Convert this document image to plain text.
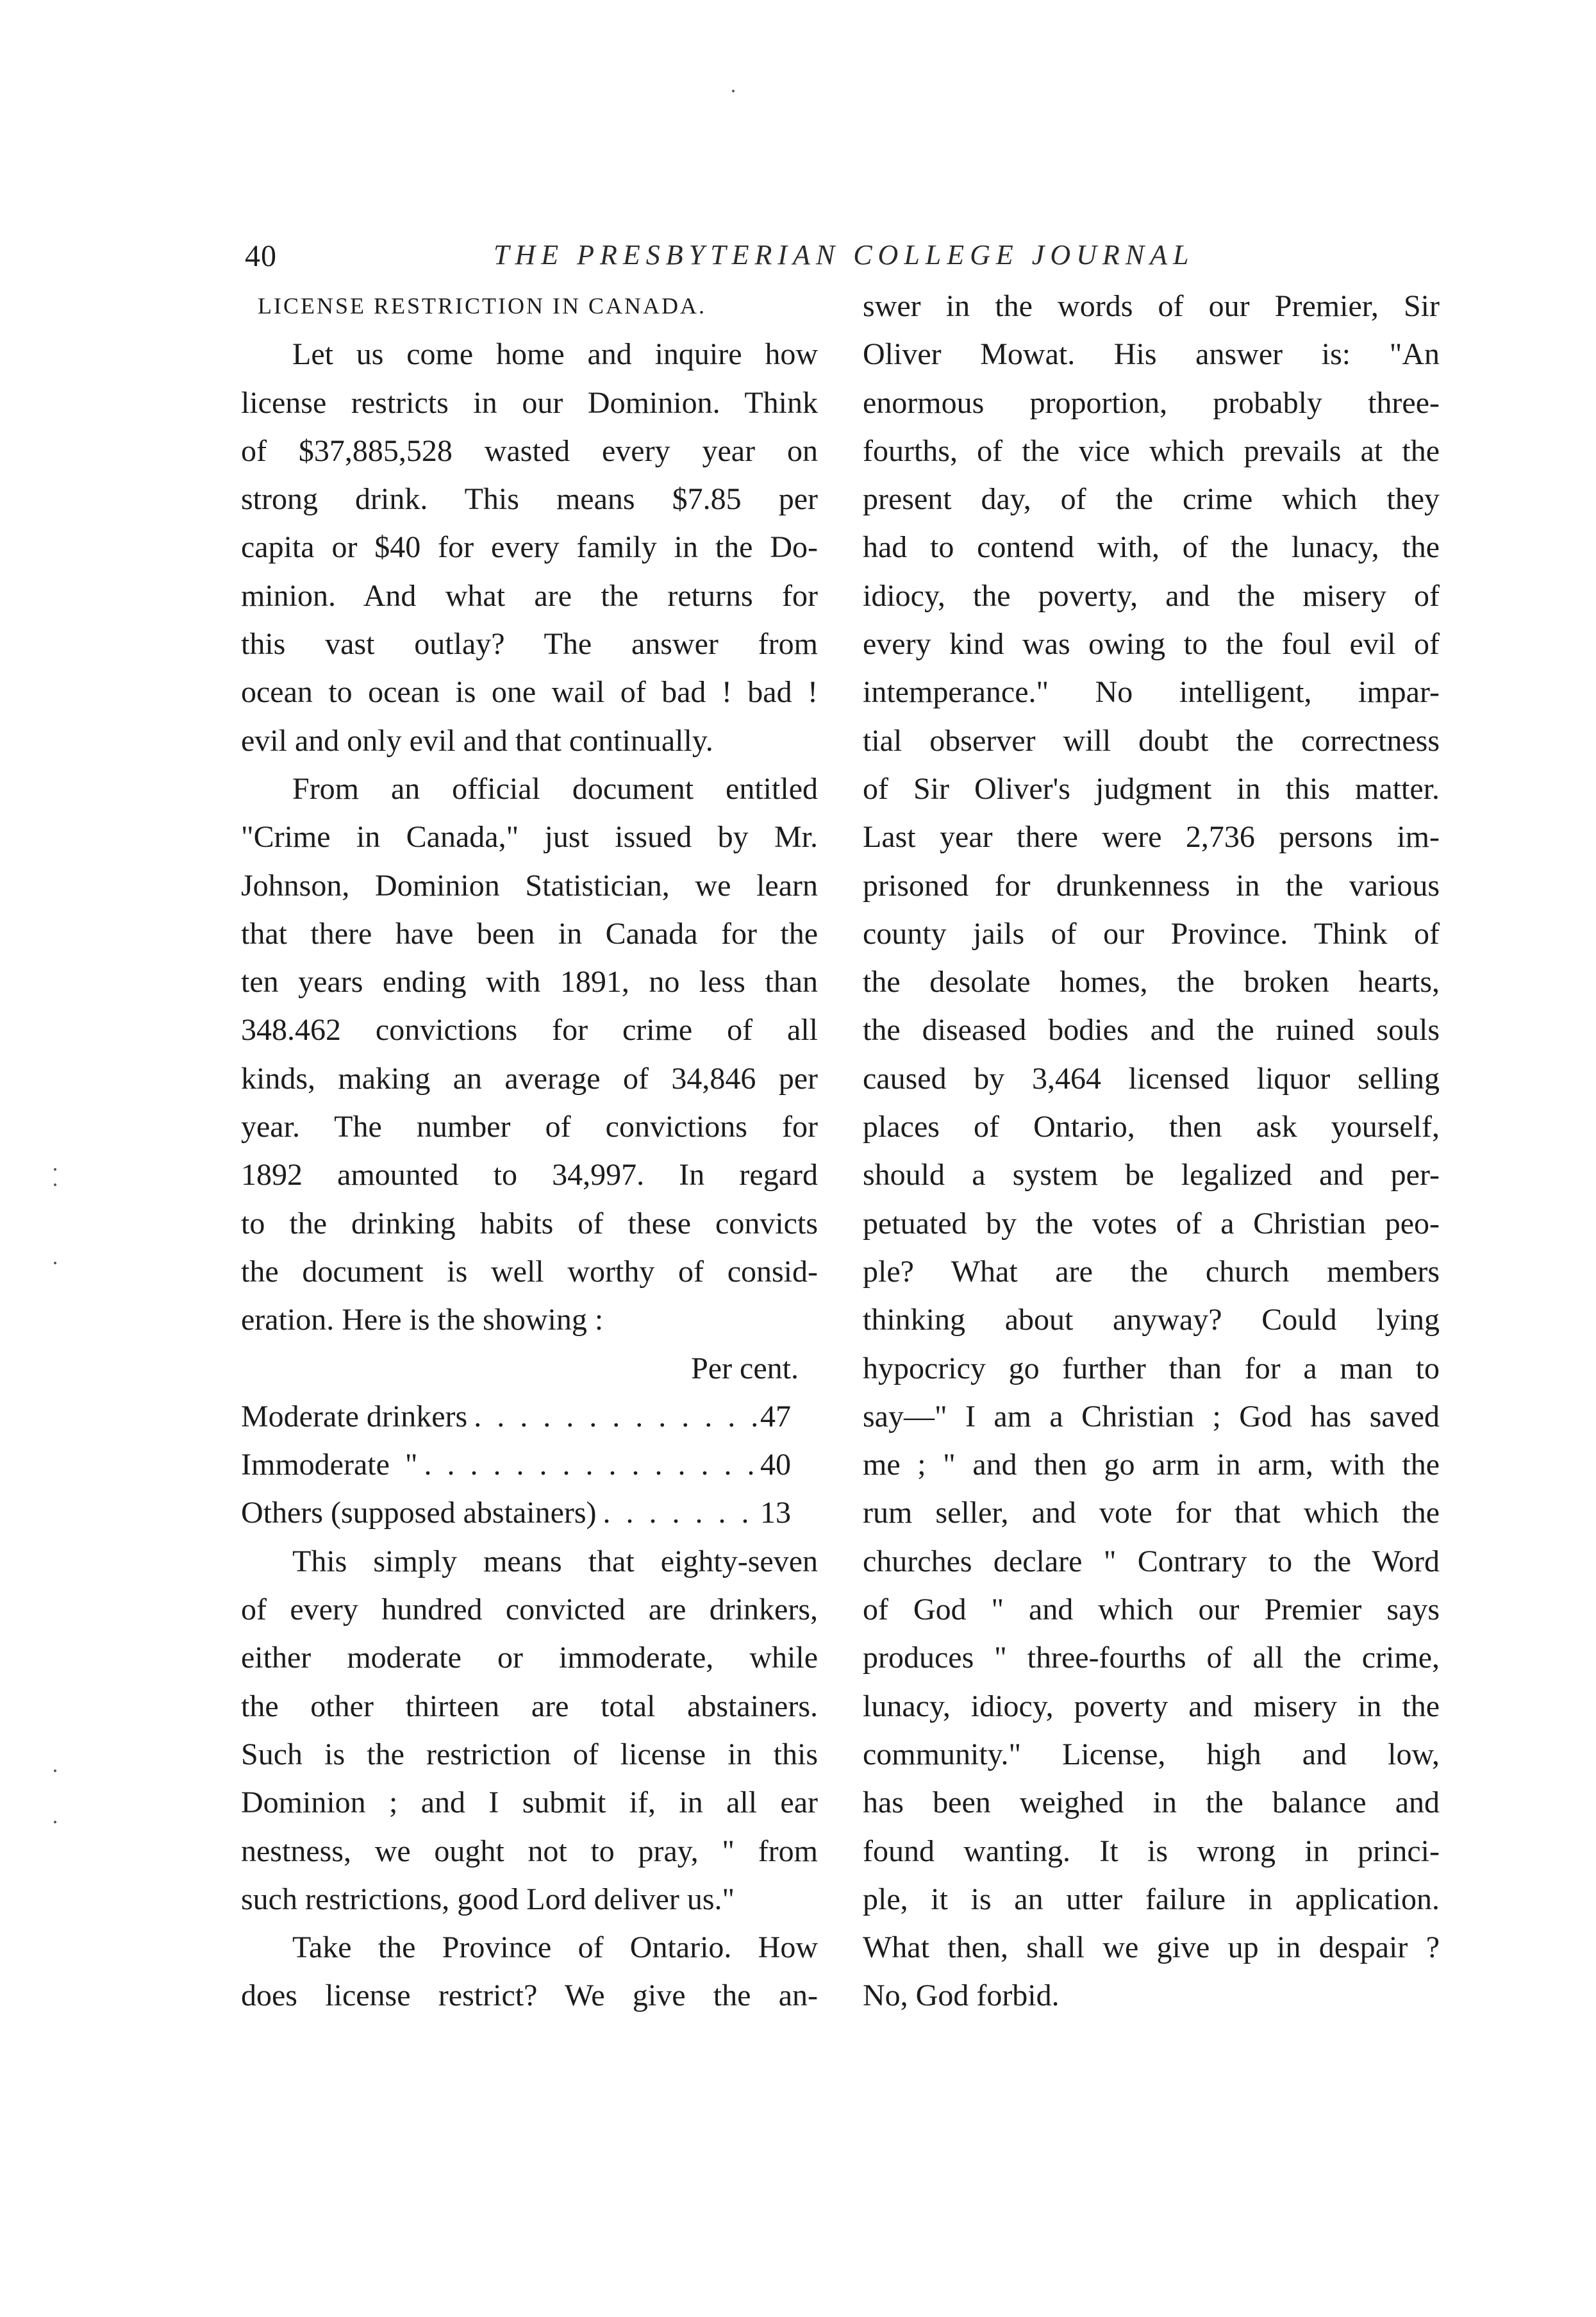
40	THE PRESBYTERIAN COLLEGE JOURNAL
LICENSE RESTRICTION IN CANADA.
Let us come home and inquire how
license restricts in our Dominion. Think
of $37,885,528 wasted every year on
strong drink. This means $7.85 per
capita or $40 for every family in the Do-
minion. And what are the returns for
this vast outlay? The answer from
ocean to ocean is one wail of bad ! bad !
evil and only evil and that continually.
From an official document entitled
"Crime in Canada," just issued by Mr.
Johnson, Dominion Statistician, we learn
that there have been in Canada for the
ten years ending with 1891, no less than
348.462 convictions for crime of all
kinds, making an average of 34,846 per
year. The number of convictions for
1892 amounted to 34,997. In regard
to the drinking habits of these convicts
the document is well worthy of consid-
eration. Here is the showing :
Per cent.
Moderate drinkers . . .	47
Immoderate  " . . .	40
Others (supposed abstainers) . . .	13
This simply means that eighty-seven
of every hundred convicted are drinkers,
either moderate or immoderate, while
the other thirteen are total abstainers.
Such is the restriction of license in this
Dominion ; and I submit if, in all ear
nestness, we ought not to pray, " from
such restrictions, good Lord deliver us."
Take the Province of Ontario. How
does license restrict? We give the an-
swer in the words of our Premier, Sir
Oliver Mowat. His answer is: "An
enormous proportion, probably three-
fourths, of the vice which prevails at the
present day, of the crime which they
had to contend with, of the lunacy, the
idiocy, the poverty, and the misery of
every kind was owing to the foul evil of
intemperance." No intelligent, impar-
tial observer will doubt the correctness
of Sir Oliver's judgment in this matter.
Last year there were 2,736 persons im-
prisoned for drunkenness in the various
county jails of our Province. Think of
the desolate homes, the broken hearts,
the diseased bodies and the ruined souls
caused by 3,464 licensed liquor selling
places of Ontario, then ask yourself,
should a system be legalized and per-
petuated by the votes of a Christian peo-
ple? What are the church members
thinking about anyway? Could lying
hypocricy go further than for a man to
say—" I am a Christian ; God has saved
me ; " and then go arm in arm, with the
rum seller, and vote for that which the
churches declare " Contrary to the Word
of God " and which our Premier says
produces " three-fourths of all the crime,
lunacy, idiocy, poverty and misery in the
community." License, high and low,
has been weighed in the balance and
found wanting. It is wrong in princi-
ple, it is an utter failure in application.
What then, shall we give up in despair ?
No, God forbid.
